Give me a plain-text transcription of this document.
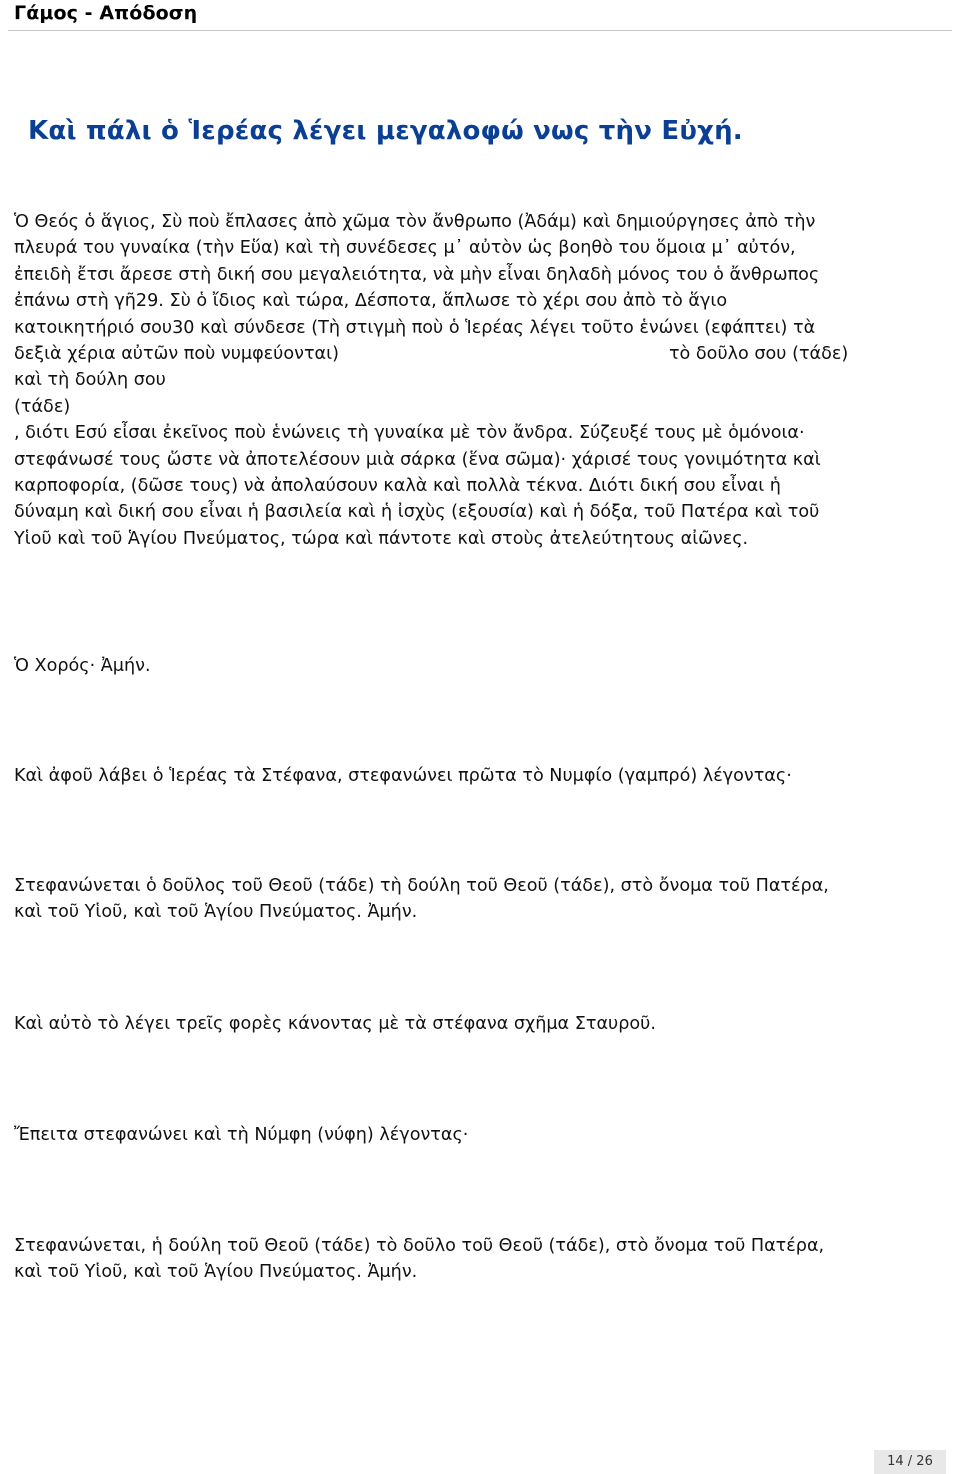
Γάμος - Απόδοση
Καὶ πάλι ὁ Ἱερέας λέγει μεγαλοφώ νως τὴν Εὐχή.
Ὁ Θεός ὁ ἅγιος, Σὺ ποὺ ἔπλασες ἀπὸ χῶμα τὸν ἄνθρωπο (Ἀδάμ) καὶ δημιούργησες ἀπὸ τὴν
πλευρά του γυναίκα (τὴν Εὕα) καὶ τὴ συνέδεσες μ᾿ αὐτὸν ὡς βοηθὸ του ὅμοια μ᾿ αὐτόν,
ἐπειδὴ ἔτσι ἄρεσε στὴ δική σου μεγαλειότητα, νὰ μὴν εἶναι δηλαδὴ μόνος του ὁ ἄνθρωπος
ἐπάνω στὴ γῆ29. Σὺ ὁ ἴδιος καὶ τώρα, Δέσποτα, ἅπλωσε τὸ χέρι σου ἀπὸ τὸ ἅγιο
κατοικητήριό σου30 καὶ σύνδεσε (Τὴ στιγμὴ ποὺ ὁ Ἱερέας λέγει τοῦτο ἑνώνει (εφάπτει) τὰ
δεξιὰ χέρια αὐτῶν ποὺ νυμφεύονται)	τὸ δοῦλο σου (τάδε)
καὶ τὴ δούλη σου
(τάδε)
, διότι Εσύ εἶσαι ἐκεῖνος ποὺ ἑνώνεις τὴ γυναίκα μὲ τὸν ἄνδρα. Σύζευξέ τους μὲ ὁμόνοια·
στεφάνωσέ τους ὥστε νὰ ἀποτελέσουν μιὰ σάρκα (ἕνα σῶμα)· χάρισέ τους γονιμότητα καὶ
καρποφορία, (δῶσε τους) νὰ ἀπολαύσουν καλὰ καὶ πολλὰ τέκνα. Διότι δική σου εἶναι ἡ
δύναμη καὶ δική σου εἶναι ἡ βασιλεία καὶ ἡ ἰσχὺς (εξουσία) καὶ ἡ δόξα, τοῦ Πατέρα καὶ τοῦ
Υἱοῦ καὶ τοῦ Ἁγίου Πνεύματος, τώρα καὶ πάντοτε καὶ στοὺς ἀτελεύτητους αἰῶνες.

Ὁ Χορός· Ἀμήν.

Καὶ ἀφοῦ λάβει ὁ Ἱερέας τὰ Στέφανα, στεφανώνει πρῶτα τὸ Νυμφίο (γαμπρό) λέγοντας·

Στεφανώνεται ὁ δοῦλος τοῦ Θεοῦ (τάδε) τὴ δούλη τοῦ Θεοῦ (τάδε), στὸ ὄνομα τοῦ Πατέρα,
καὶ τοῦ Υἱοῦ, καὶ τοῦ Ἁγίου Πνεύματος. Ἀμήν.

Καὶ αὐτὸ τὸ λέγει τρεῖς φορὲς κάνοντας μὲ τὰ στέφανα σχῆμα Σταυροῦ.

Ἔπειτα στεφανώνει καὶ τὴ Νύμφη (νύφη) λέγοντας·

Στεφανώνεται, ἡ δούλη τοῦ Θεοῦ (τάδε) τὸ δοῦλο τοῦ Θεοῦ (τάδε), στὸ ὄνομα τοῦ Πατέρα,
καὶ τοῦ Υἱοῦ, καὶ τοῦ Ἁγίου Πνεύματος. Ἀμήν.
14 / 26
